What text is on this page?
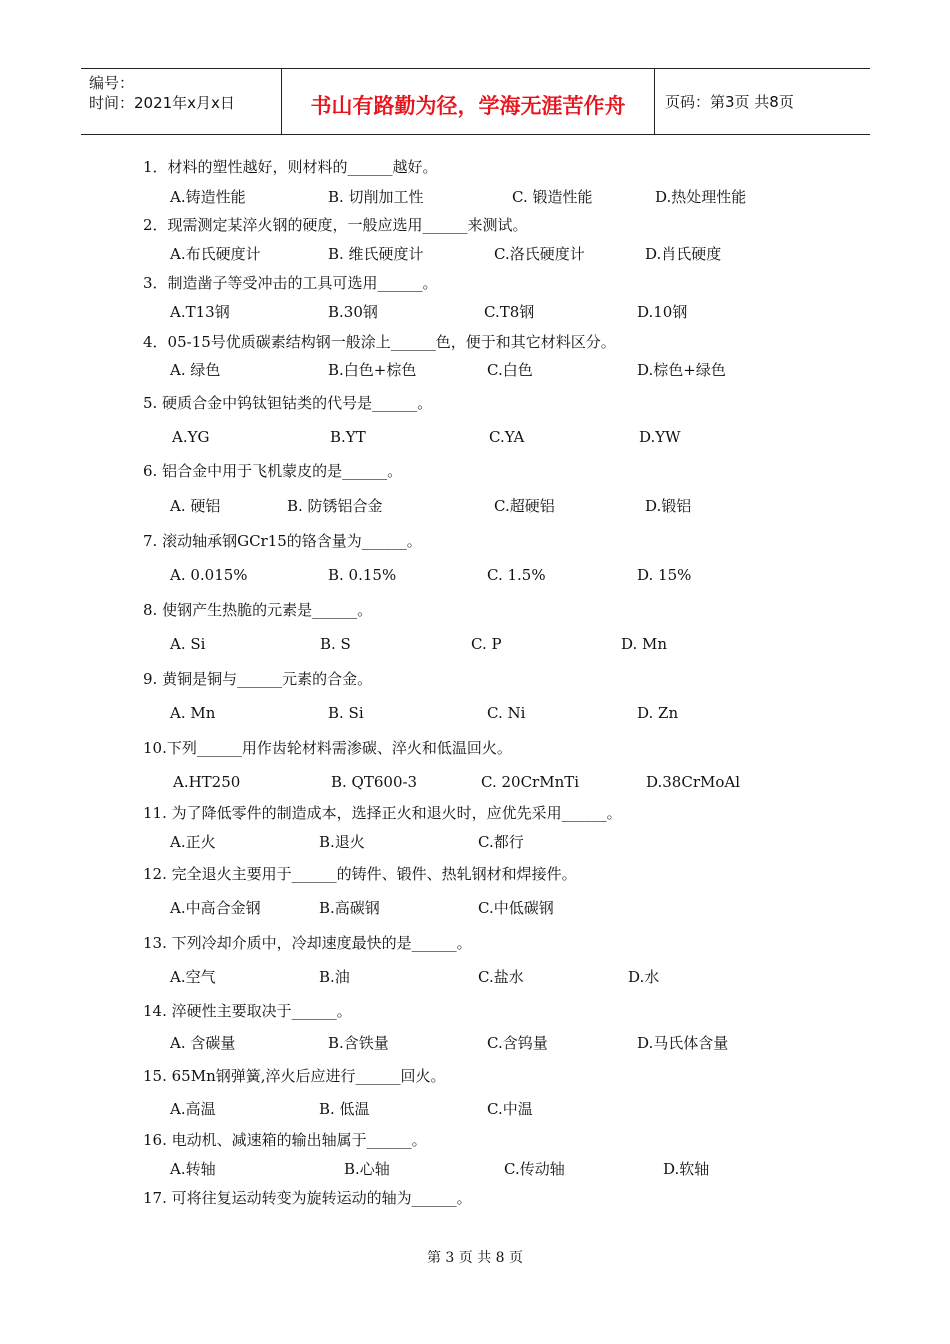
编号：
时间：2021年x月x日	书山有路勤为径，学海无涯苦作舟	页码：第3页 共8页
1．材料的塑性越好，则材料的______越好。
A.铸造性能	B. 切削加工性	C. 锻造性能	D.热处理性能
2．现需测定某淬火钢的硬度，一般应选用______来测试。
A.布氏硬度计	B. 维氏硬度计	C.洛氏硬度计	D.肖氏硬度
3．制造凿子等受冲击的工具可选用______。
A.T13钢	B.30钢	C.T8钢	D.10钢
4．05-15号优质碳素结构钢一般涂上______色，便于和其它材料区分。
A. 绿色	B.白色+棕色	C.白色	D.棕色+绿色
5. 硬质合金中钨钛钽钴类的代号是______。
A.YG	B.YT	C.YA	D.YW
6. 铝合金中用于飞机蒙皮的是______。
A. 硬铝	B. 防锈铝合金	C.超硬铝	D.锻铝
7. 滚动轴承钢GCr15的铬含量为______。
A. 0.015%	B. 0.15%	C. 1.5%	D. 15%
8. 使钢产生热脆的元素是______。
A. Si	B. S	C. P	D. Mn
9. 黄铜是铜与______元素的合金。
A. Mn	B. Si	C. Ni	D. Zn
10.下列______用作齿轮材料需渗碳、淬火和低温回火。
A.HT250	B. QT600-3	C. 20CrMnTi	D.38CrMoAl
11. 为了降低零件的制造成本，选择正火和退火时，应优先采用______。
A.正火	B.退火	C.都行
12. 完全退火主要用于______的铸件、锻件、热轧钢材和焊接件。
A.中高合金钢	B.高碳钢	C.中低碳钢
13. 下列冷却介质中，冷却速度最快的是______。
A.空气	B.油	C.盐水	D.水
14. 淬硬性主要取决于______。
A. 含碳量	B.含铁量	C.含钨量	D.马氏体含量
15. 65Mn钢弹簧,淬火后应进行______回火。
A.高温	B. 低温	C.中温
16. 电动机、减速箱的输出轴属于______。
A.转轴	B.心轴	C.传动轴	D.软轴
17. 可将往复运动转变为旋转运动的轴为______。
第 3 页 共 8 页
